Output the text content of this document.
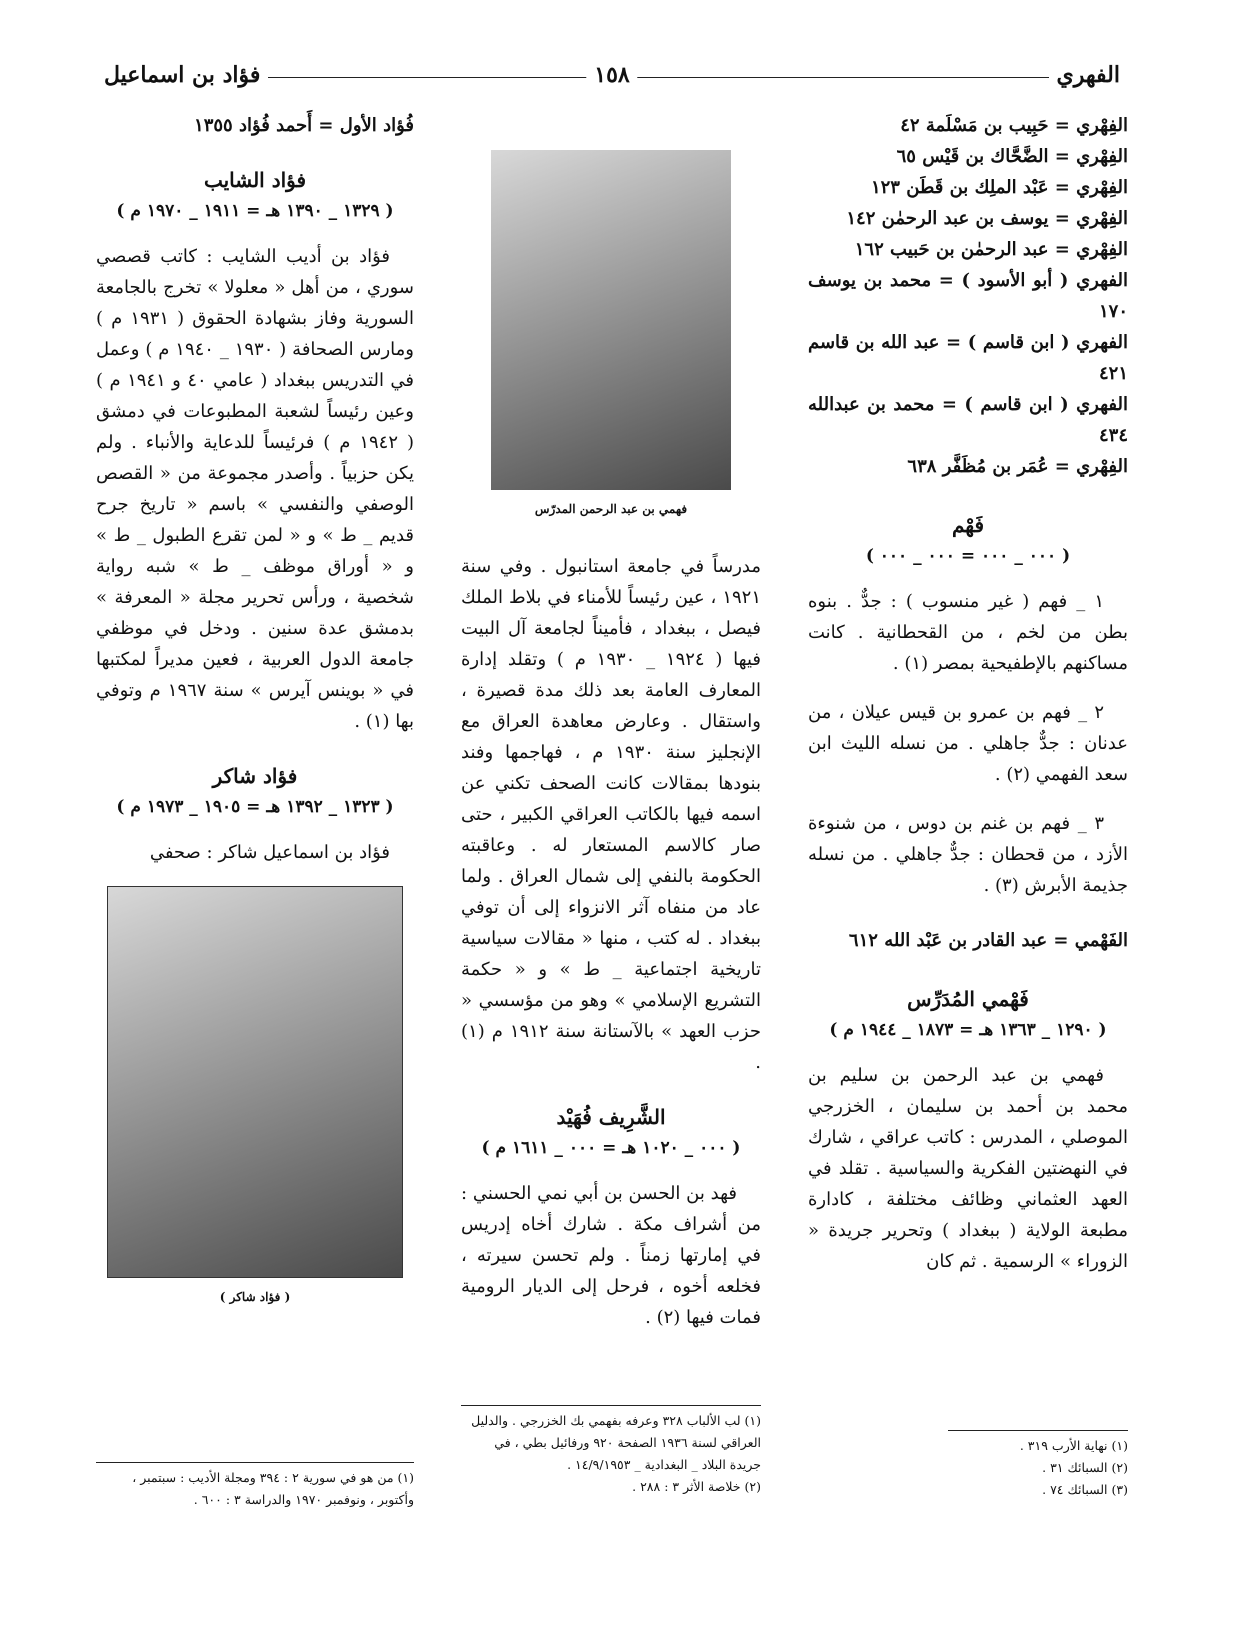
الفهري
١٥٨
فؤاد بن اسماعيل

الفِهْري = حَبِيب بن مَسْلَمة ٤٢

الفِهْري = الضَّحَّاك بن قَيْس ٦٥

الفِهْري = عَبْد الملِك بن قَطَن ١٢٣

الفِهْري = يوسف بن عبد الرحمٰن ١٤٢

الفِهْري = عبد الرحمٰن بن حَبيب ١٦٢

الفهري ( أبو الأسود ) = محمد بن يوسف ١٧٠

الفهري ( ابن قاسم ) = عبد الله بن قاسم ٤٢١

الفهري ( ابن قاسم ) = محمد بن عبدالله ٤٣٤

الفِهْري = عُمَر بن مُظَفَّر ٦٣٨

فَهْم
( ٠٠٠ _ ٠٠٠ = ٠٠٠ _ ٠٠٠ )

١ _ فهم ( غير منسوب ) : جدٌّ . بنوه بطن من لخم ، من القحطانية . كانت مساكنهم بالإطفيحية بمصر (١) .

٢ _ فهم بن عمرو بن قيس عيلان ، من عدنان : جدٌّ جاهلي . من نسله الليث ابن سعد الفهمي (٢) .

٣ _ فهم بن غنم بن دوس ، من شنوءة الأزد ، من قحطان : جدٌّ جاهلي . من نسله جذيمة الأبرش (٣) .

الفَهْمي = عبد القادر بن عَبْد الله ٦١٢

فَهْمي المُدَرِّس
( ١٢٩٠ _ ١٣٦٣ هـ = ١٨٧٣ _ ١٩٤٤ م )

فهمي بن عبد الرحمن بن سليم بن محمد بن أحمد بن سليمان ، الخزرجي الموصلي ، المدرس : كاتب عراقي ، شارك في النهضتين الفكرية والسياسية . تقلد في العهد العثماني وظائف مختلفة ، كادارة مطبعة الولاية ( ببغداد ) وتحرير جريدة « الزوراء » الرسمية . ثم كان

فهمي بن عبد الرحمن المدرّس

مدرساً في جامعة استانبول . وفي سنة ١٩٢١ ، عين رئيساً للأمناء في بلاط الملك فيصل ، ببغداد ، فأميناً لجامعة آل البيت فيها ( ١٩٢٤ _ ١٩٣٠ م ) وتقلد إدارة المعارف العامة بعد ذلك مدة قصيرة ، واستقال . وعارض معاهدة العراق مع الإنجليز سنة ١٩٣٠ م ، فهاجمها وفند بنودها بمقالات كانت الصحف تكني عن اسمه فيها بالكاتب العراقي الكبير ، حتى صار كالاسم المستعار له . وعاقبته الحكومة بالنفي إلى شمال العراق . ولما عاد من منفاه آثر الانزواء إلى أن توفي ببغداد . له كتب ، منها « مقالات سياسية تاريخية اجتماعية _ ط » و « حكمة التشريع الإسلامي » وهو من مؤسسي « حزب العهد » بالآستانة سنة ١٩١٢ م (١) .

الشَّرِيف فُهَيْد
( ٠٠٠ _ ١٠٢٠ هـ = ٠٠٠ _ ١٦١١ م )

فهد بن الحسن بن أبي نمي الحسني : من أشراف مكة . شارك أخاه إدريس في إمارتها زمناً . ولم تحسن سيرته ، فخلعه أخوه ، فرحل إلى الديار الرومية فمات فيها (٢) .

فُؤاد الأول = أَحمد فُؤاد ١٣٥٥

فؤاد الشايب
( ١٣٢٩ _ ١٣٩٠ هـ = ١٩١١ _ ١٩٧٠ م )

فؤاد بن أديب الشايب : كاتب قصصي سوري ، من أهل « معلولا » تخرج بالجامعة السورية وفاز بشهادة الحقوق ( ١٩٣١ م ) ومارس الصحافة ( ١٩٣٠ _ ١٩٤٠ م ) وعمل في التدريس ببغداد ( عامي ٤٠ و ١٩٤١ م ) وعين رئيساً لشعبة المطبوعات في دمشق ( ١٩٤٢ م ) فرئيساً للدعاية والأنباء . ولم يكن حزبياً . وأصدر مجموعة من « القصص الوصفي والنفسي » باسم « تاريخ جرح قديم _ ط » و « لمن تقرع الطبول _ ط » و « أوراق موظف _ ط » شبه رواية شخصية ، ورأس تحرير مجلة « المعرفة » بدمشق عدة سنين . ودخل في موظفي جامعة الدول العربية ، فعين مديراً لمكتبها في « بوينس آيرس » سنة ١٩٦٧ م وتوفي بها (١) .

فؤاد شاكر
( ١٣٢٣ _ ١٣٩٢ هـ = ١٩٠٥ _ ١٩٧٣ م )

فؤاد بن اسماعيل شاكر : صحفي

( فؤاد شاكر )
(١) نهاية الأرب ٣١٩ .
(٢) السبائك ٣١ .
(٣) السبائك ٧٤ .
(١) لب الألباب ٣٢٨ وعرفه بفهمي بك الخزرجي . والدليل العراقي لسنة ١٩٣٦ الصفحة ٩٢٠ ورفائيل بطي ، في جريدة البلاد _ البغدادية _ ١٤/٩/١٩٥٣ .
(٢) خلاصة الأثر ٣ : ٢٨٨ .
(١) من هو في سورية ٢ : ٣٩٤ ومجلة الأديب : سبتمبر ، وأكتوبر ، ونوفمبر ١٩٧٠ والدراسة ٣ : ٦٠٠ .
